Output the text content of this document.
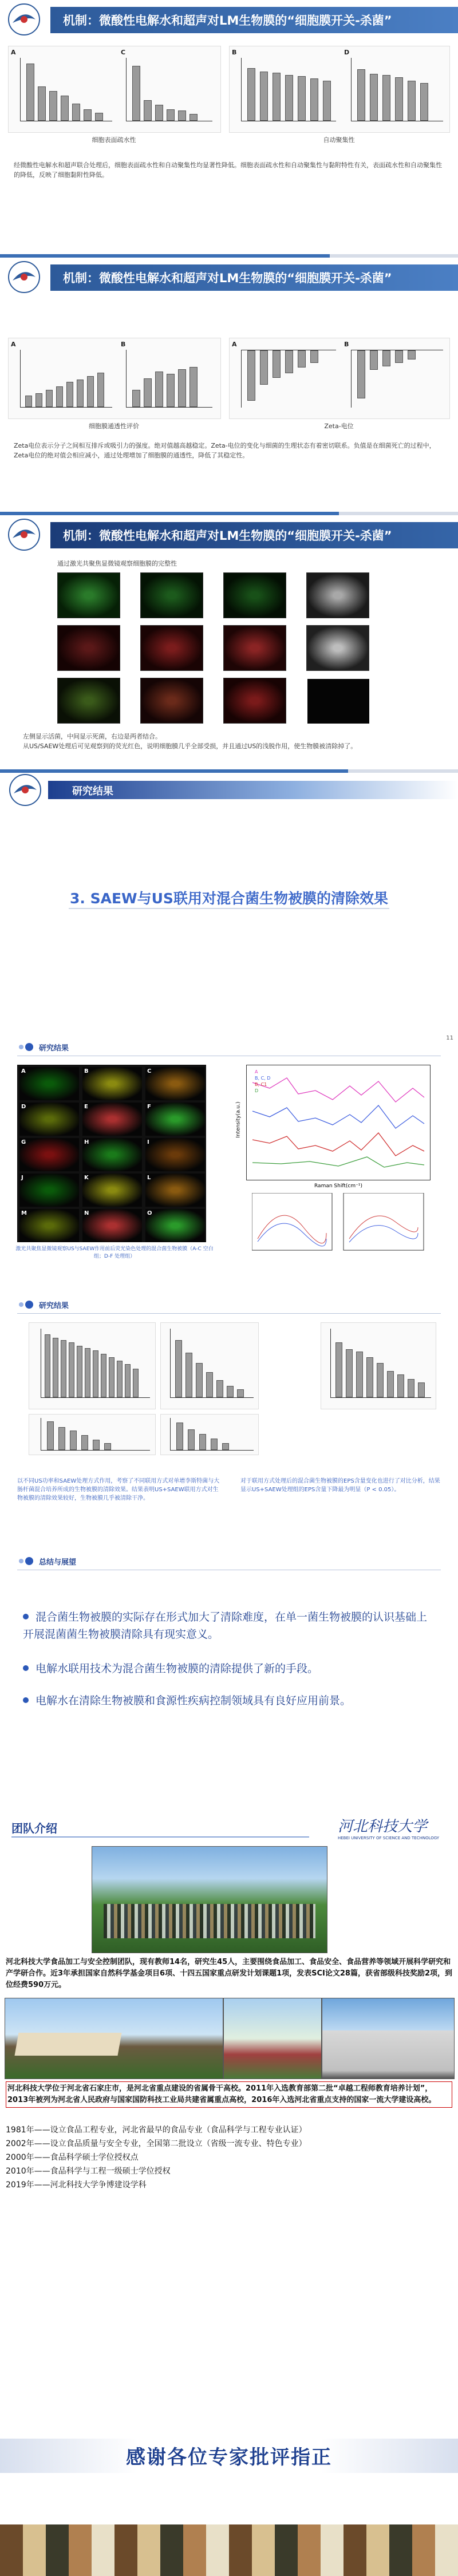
机制：微酸性电解水和超声对LM生物膜的“细胞膜开关-杀菌”
A	C
细胞表面疏水性
B	D
自动聚集性
经微酸性电解水和超声联合处理后，细胞表面疏水性和自动聚集性均显著性降低。细胞表面疏水性和自动聚集性与黏附特性有关，表面疏水性和自动聚集性的降低，反映了细胞黏附性降低。
机制：微酸性电解水和超声对LM生物膜的“细胞膜开关-杀菌”
A	B
细胞膜通透性评价
A	B
Zeta-电位
Zeta电位表示分子之间相互排斥或吸引力的强度。绝对值越高越稳定。Zeta-电位的变化与细菌的生理状态有着密切联系。负值是在细菌死亡的过程中，Zeta电位的绝对值会相应减小，通过处理增加了细胞膜的通透性，降低了其稳定性。
机制：微酸性电解水和超声对LM生物膜的“细胞膜开关-杀菌”
通过激光共聚焦显微镜观察细胞膜的完整性
左侧显示活菌，中间显示死菌，右边是两者结合。
从US/SAEW处理后可见观察到的荧光红色，说明细胞膜几乎全部受损，并且通过US的浅脱作用，使生物膜被清除掉了。
研究结果
3. SAEW与US联用对混合菌生物被膜的清除效果
11
研究结果
A	B	C
D	E	F
G	H	I
J	K	L
M	N	O
激光共聚焦显微镜观察US与SAEW作用前后荧光染色处理的混合菌生物被膜（A-C 空白组；D-F 处理组）
Intensity(a.u.)
A
B, C, D
B, C1
D
Raman Shift(cm⁻¹)
研究结果
以不同US功率和SAEW处理方式作用，考察了不同联用方式对单增李斯特菌与大肠杆菌混合培养所成的生物被膜的清除效果。结果表明US+SAEW联用方式对生物被膜的清除效果较好，生物被膜几乎被清除干净。
对于联用方式处理后的混合菌生物被膜的EPS含量变化也进行了对比分析，结果显示US+SAEW处理组的EPS含量下降最为明显（P < 0.05）。
总结与展望
混合菌生物被膜的实际存在形式加大了清除难度，在单一菌生物被膜的认识基础上开展混菌菌生物被膜清除具有现实意义。
电解水联用技术为混合菌生物被膜的清除提供了新的手段。
电解水在清除生物被膜和食源性疾病控制领域具有良好应用前景。
团队介绍	河北科技大学
HEBEI UNIVERSITY OF SCIENCE AND TECHNOLOGY
河北科技大学食品加工与安全控制团队，现有教师14名，研究生45人，主要围绕食品加工、食品安全、食品营养等领域开展科学研究和产学研合作。近3年承担国家自然科学基金项目6项、十四五国家重点研发计划课题1项，发表SCI论文28篇，获省部级科技奖励2项，到位经费590万元。
河北科技大学位于河北省石家庄市，是河北省重点建设的省属骨干高校。2011年入选教育部第二批“卓越工程师教育培养计划”，2013年被列为河北省人民政府与国家国防科技工业局共建省属重点高校，2016年入选河北省重点支持的国家一流大学建设高校。
1981年——设立食品工程专业，河北省最早的食品专业（食品科学与工程专业认证）
2002年——设立食品质量与安全专业，全国第二批设立（省级一流专业、特色专业）
2000年——食品科学硕士学位授权点
2010年——食品科学与工程一级硕士学位授权
2019年——河北科技大学争博建设学科
感谢各位专家批评指正
